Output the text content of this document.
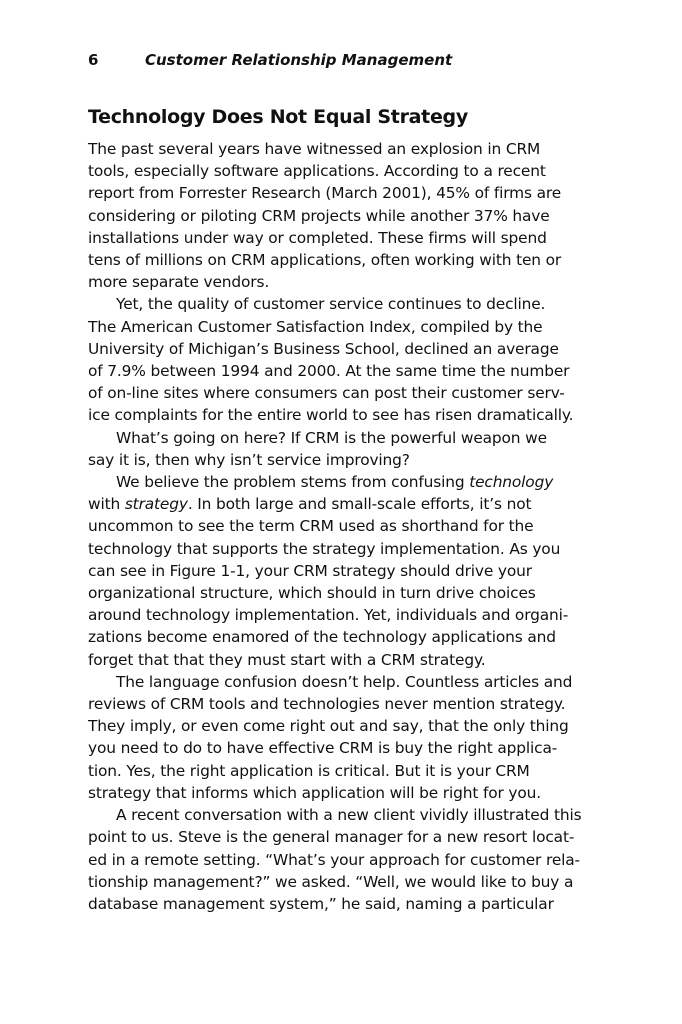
6	Customer Relationship Management
Technology Does Not Equal Strategy
The past several years have witnessed an explosion in CRM
tools, especially software applications. According to a recent
report from Forrester Research (March 2001), 45% of firms are
considering or piloting CRM projects while another 37% have
installations under way or completed. These firms will spend
tens of millions on CRM applications, often working with ten or
more separate vendors.
Yet, the quality of customer service continues to decline.
The American Customer Satisfaction Index, compiled by the
University of Michigan’s Business School, declined an average
of 7.9% between 1994 and 2000. At the same time the number
of on-line sites where consumers can post their customer serv-
ice complaints for the entire world to see has risen dramatically.
What’s going on here? If CRM is the powerful weapon we
say it is, then why isn’t service improving?
We believe the problem stems from confusing technology
with strategy. In both large and small-scale efforts, it’s not
uncommon to see the term CRM used as shorthand for the
technology that supports the strategy implementation. As you
can see in Figure 1-1, your CRM strategy should drive your
organizational structure, which should in turn drive choices
around technology implementation. Yet, individuals and organi-
zations become enamored of the technology applications and
forget that that they must start with a CRM strategy.
The language confusion doesn’t help. Countless articles and
reviews of CRM tools and technologies never mention strategy.
They imply, or even come right out and say, that the only thing
you need to do to have effective CRM is buy the right applica-
tion. Yes, the right application is critical. But it is your CRM
strategy that informs which application will be right for you.
A recent conversation with a new client vividly illustrated this
point to us. Steve is the general manager for a new resort locat-
ed in a remote setting. “What’s your approach for customer rela-
tionship management?” we asked. “Well, we would like to buy a
database management system,” he said, naming a particular
